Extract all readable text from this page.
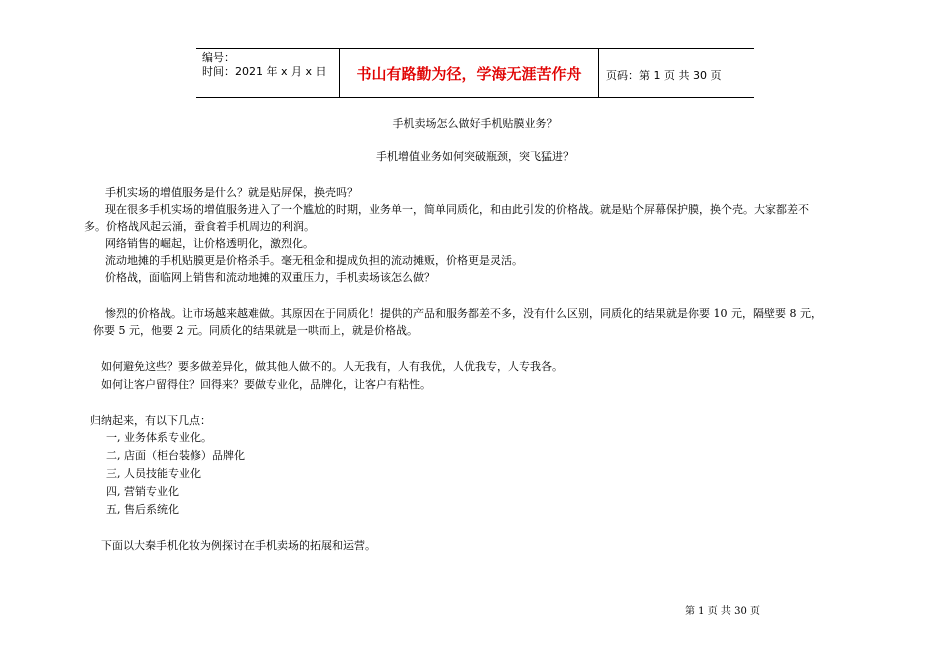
编号：
时间：2021 年 x 月 x 日	书山有路勤为径，学海无涯苦作舟	页码：第 1 页 共 30 页
手机卖场怎么做好手机贴膜业务？
手机增值业务如何突破瓶颈，突飞猛进？
手机实场的增值服务是什么？就是贴屏保，换壳吗？
现在很多手机实场的增值服务进入了一个尴尬的时期，业务单一，简单同质化，和由此引发的价格战。就是贴个屏幕保护膜，换个壳。大家都差不
多。价格战风起云涌，蚕食着手机周边的利润。
网络销售的崛起，让价格透明化，激烈化。
流动地摊的手机贴膜更是价格杀手。毫无租金和提成负担的流动摊贩，价格更是灵活。
价格战，面临网上销售和流动地摊的双重压力，手机卖场该怎么做？
惨烈的价格战。让市场越来越难做。其原因在于同质化！提供的产品和服务都差不多，没有什么区别，同质化的结果就是你要 10 元，隔壁要 8 元，
你要 5 元，他要 2 元。同质化的结果就是一哄而上，就是价格战。
如何避免这些？要多做差异化，做其他人做不的。人无我有，人有我优，人优我专，人专我各。
如何让客户留得住？回得来？要做专业化，品牌化，让客户有粘性。
归纳起来，有以下几点：
一, 业务体系专业化。
二, 店面（柜台装修）品牌化
三, 人员技能专业化
四, 营销专业化
五, 售后系统化
下面以大秦手机化妆为例探讨在手机卖场的拓展和运营。
第 1 页 共 30 页
